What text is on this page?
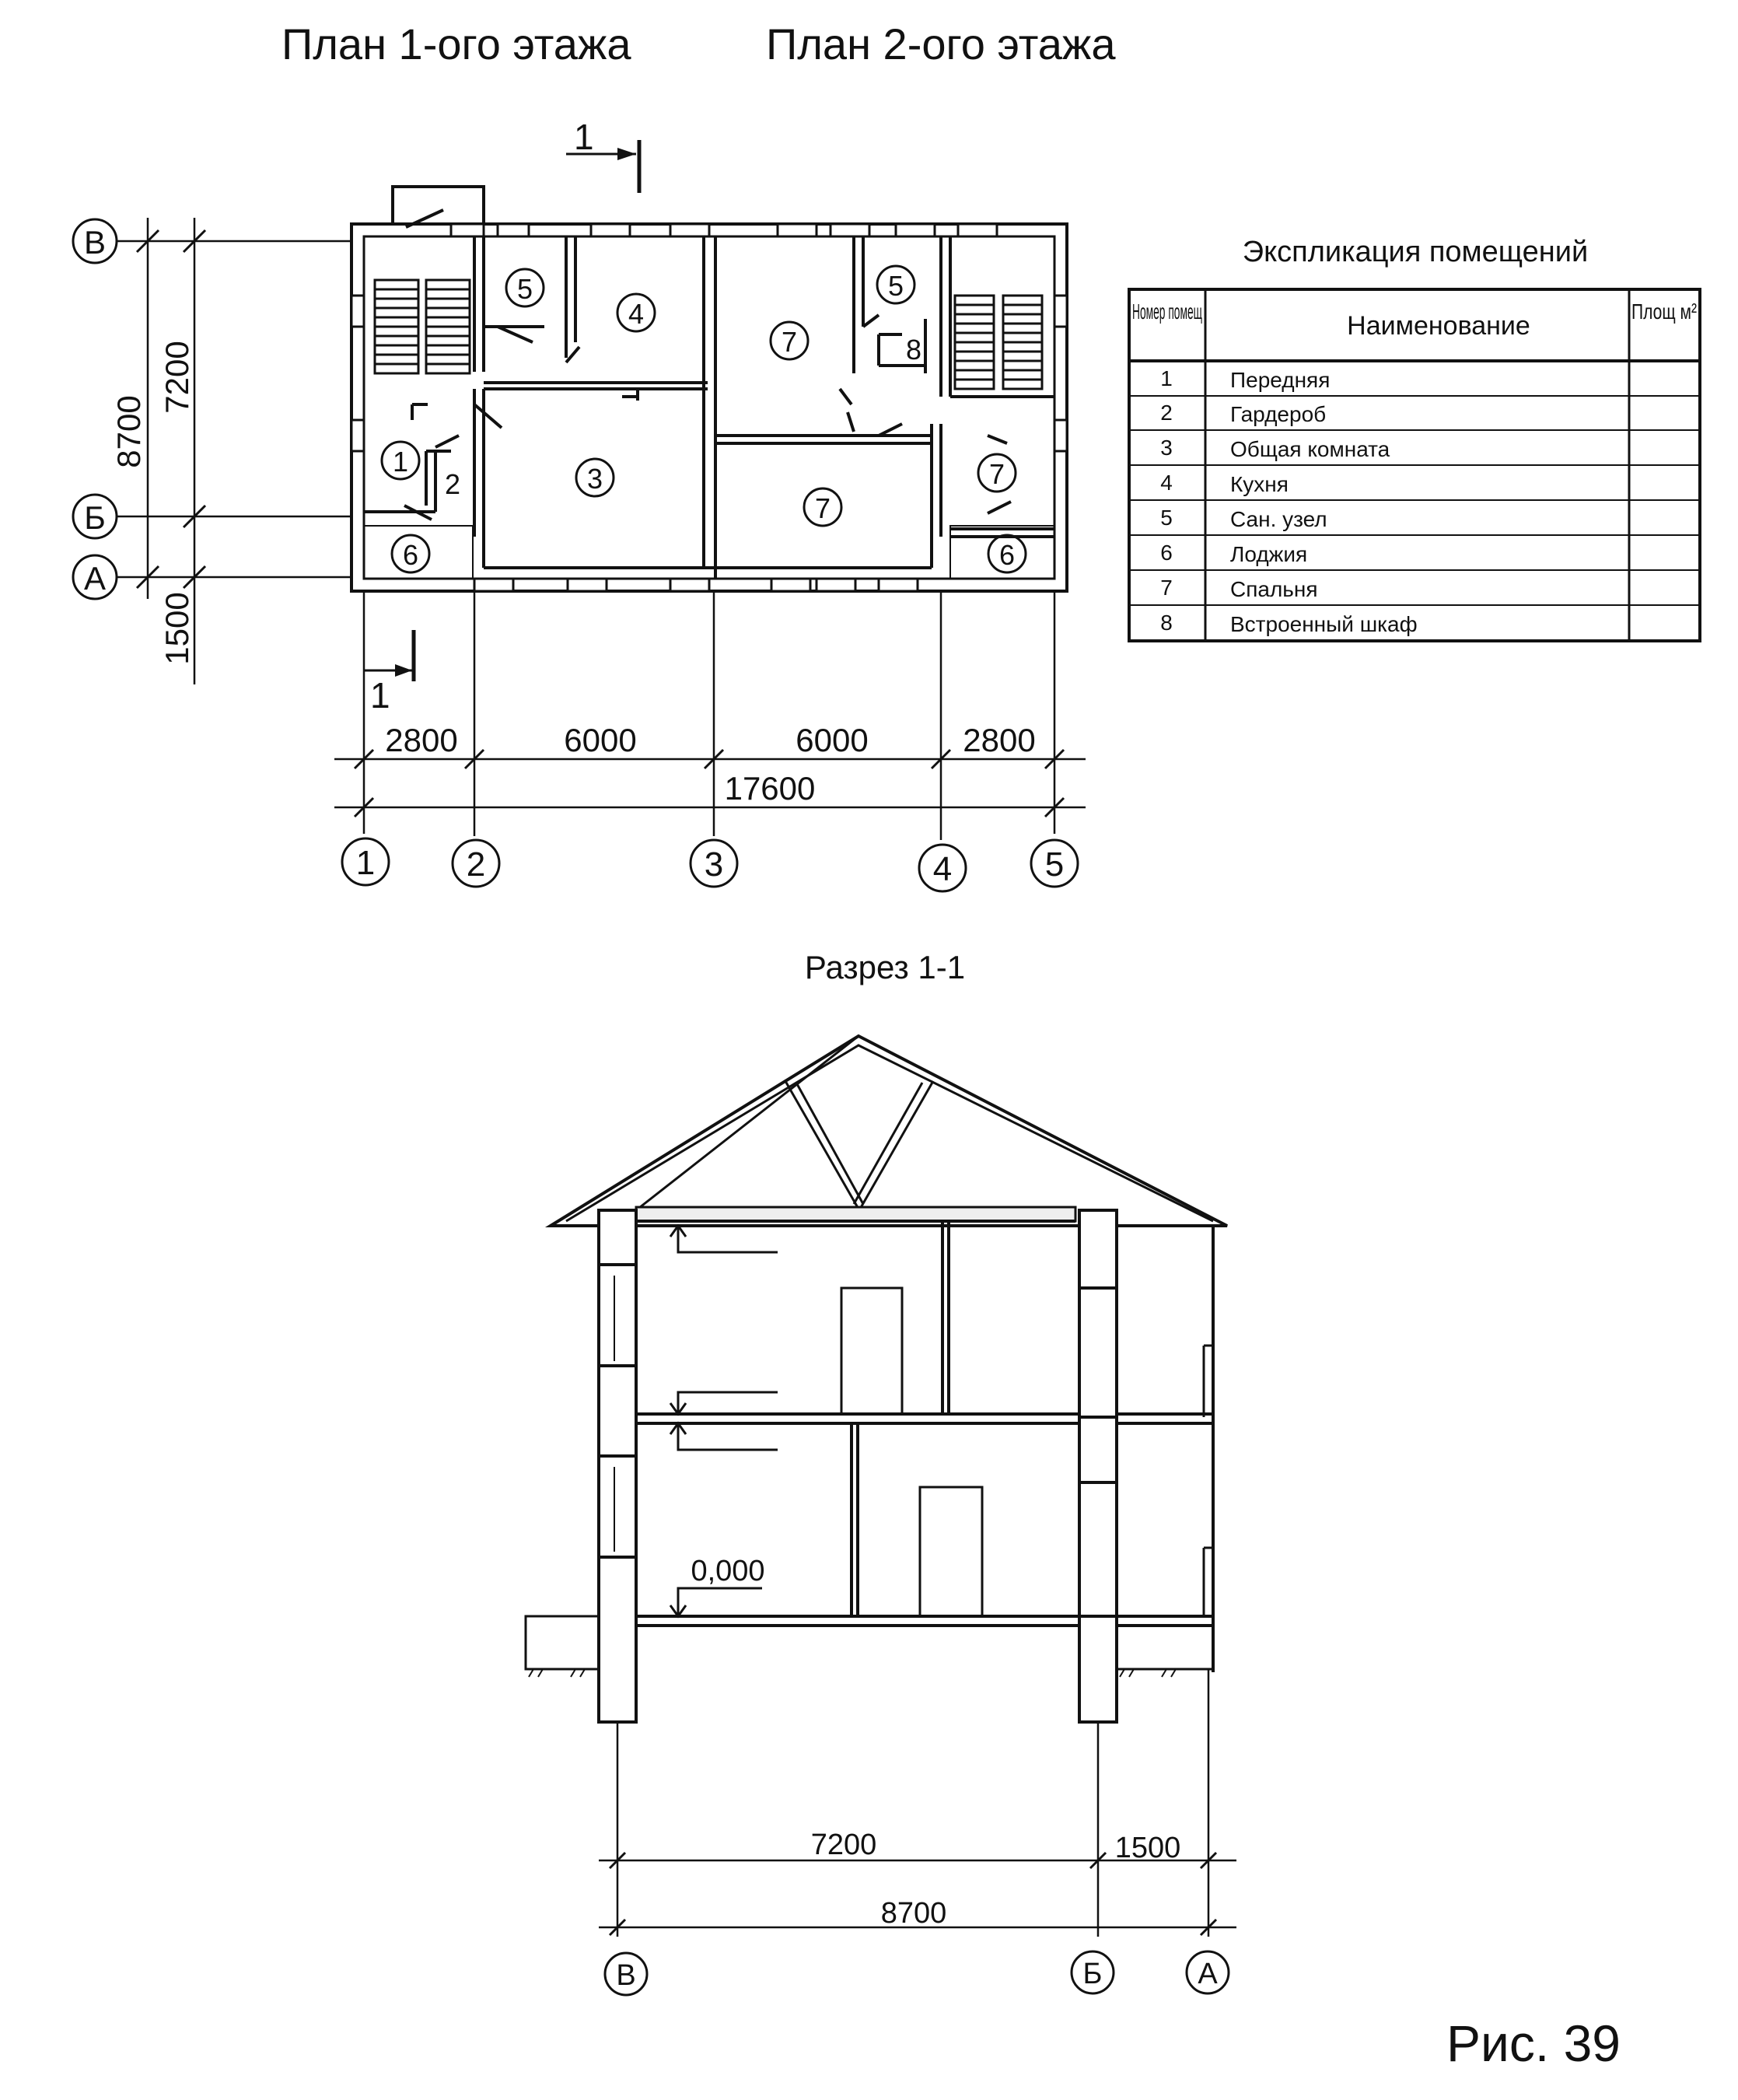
План 1-ого этажа	План 2-ого этажа
1
5
4
7
5
8
1
2	3
7
7
6	6
В
Б
А
8700
7200
1500
1
2800	6000	6000	2800
17600
1	2	3	4	5
Экспликация помещений
Номер помещ	Наименование	Площ м²
1	Передняя
2	Гардероб
3	Общая комната
4	Кухня
5	Сан. узел
6	Лоджия
7	Спальня
8	Встроенный шкаф
Разрез 1-1
0,000
7200	1500
8700
В	Б	А
Рис. 39
